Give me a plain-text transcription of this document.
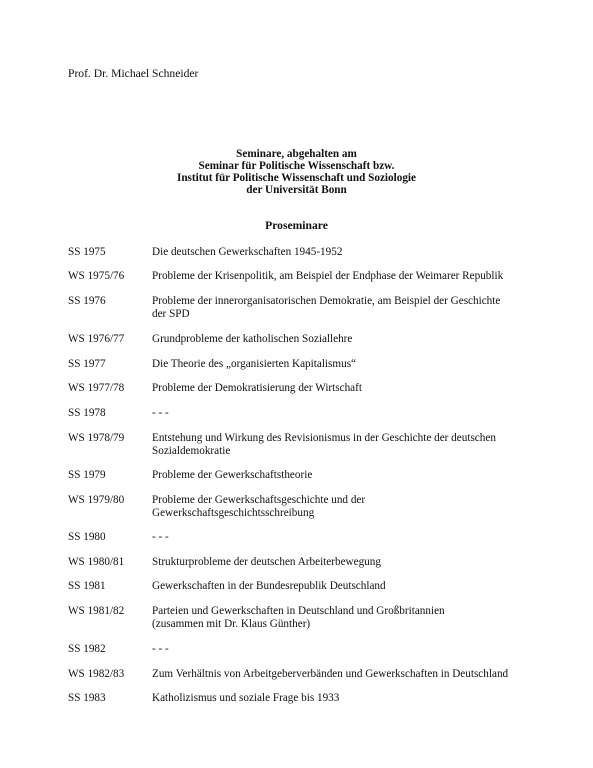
Prof. Dr. Michael Schneider
Seminare, abgehalten am
Seminar für Politische Wissenschaft bzw.
Institut für Politische Wissenschaft und Soziologie
der Universität Bonn
Proseminare
SS 1975	Die deutschen Gewerkschaften 1945-1952
WS 1975/76 Probleme der Krisenpolitik, am Beispiel der Endphase der Weimarer Republik
SS 1976	Probleme der innerorganisatorischen Demokratie, am Beispiel der Geschichte
der SPD
WS 1976/77 Grundprobleme der katholischen Soziallehre
SS 1977	Die Theorie des „organisierten Kapitalismus“
WS 1977/78 Probleme der Demokratisierung der Wirtschaft
SS 1978	- - -
WS 1978/79 Entstehung und Wirkung des Revisionismus in der Geschichte der deutschen
Sozialdemokratie
SS 1979	Probleme der Gewerkschaftstheorie
WS 1979/80 Probleme der Gewerkschaftsgeschichte und der
Gewerkschaftsgeschichtsschreibung
SS 1980	- - -
WS 1980/81 Strukturprobleme der deutschen Arbeiterbewegung
SS 1981	Gewerkschaften in der Bundesrepublik Deutschland
WS 1981/82 Parteien und Gewerkschaften in Deutschland und Großbritannien
(zusammen mit Dr. Klaus Günther)
SS 1982	- - -
WS 1982/83 Zum Verhältnis von Arbeitgeberverbänden und Gewerkschaften in Deutschland
SS 1983	Katholizismus und soziale Frage bis 1933
